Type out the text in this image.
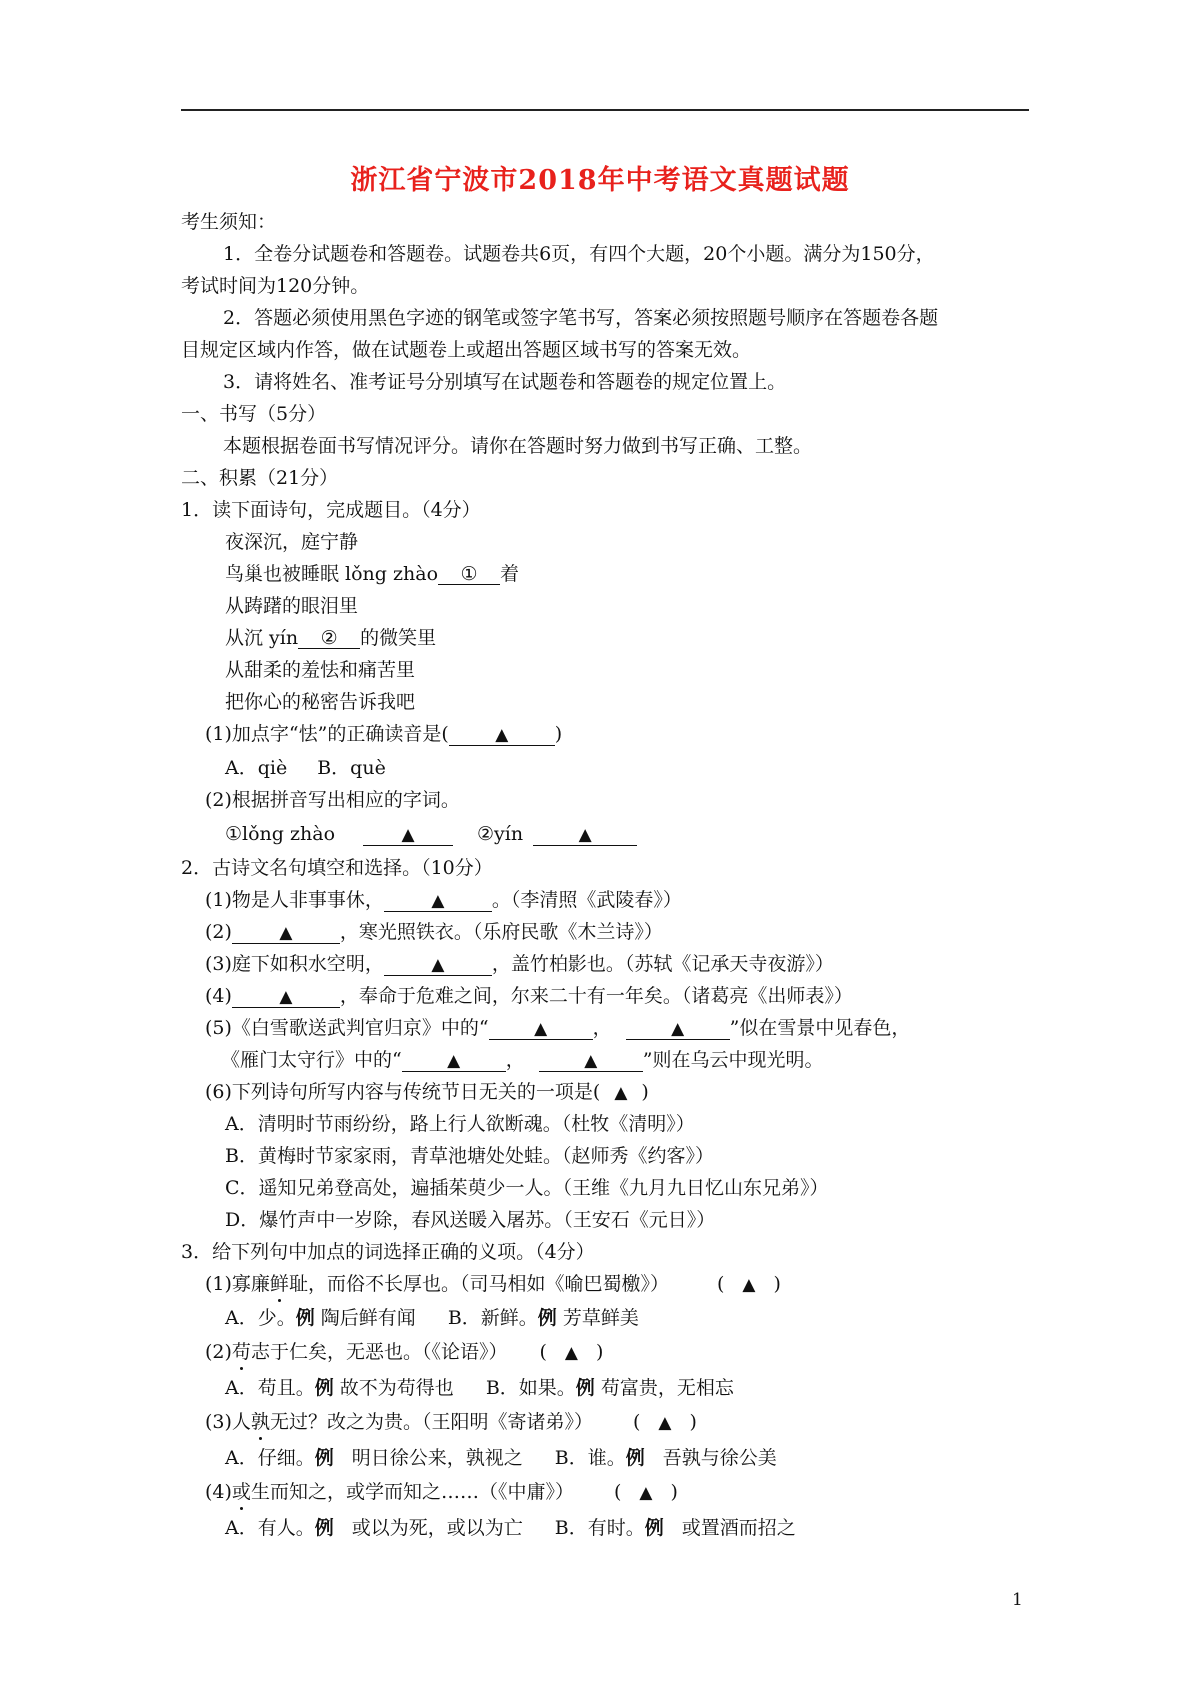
浙江省宁波市2018年中考语文真题试题
考生须知：
1．全卷分试题卷和答题卷。试题卷共6页，有四个大题，20个小题。满分为150分，
考试时间为120分钟。
2．答题必须使用黑色字迹的钢笔或签字笔书写，答案必须按照题号顺序在答题卷各题
目规定区域内作答，做在试题卷上或超出答题区域书写的答案无效。
3．请将姓名、准考证号分别填写在试题卷和答题卷的规定位置上。
一、书写（5分）
本题根据卷面书写情况评分。请你在答题时努力做到书写正确、工整。
二、积累（21分）
1．读下面诗句，完成题目。（4分）
夜深沉，庭宁静
鸟巢也被睡眠 lǒng zhào ① 着
从踌躇的眼泪里
从沉 yín ② 的微笑里
从甜柔的羞怯和痛苦里
把你心的秘密告诉我吧
(1)加点字“怯”的正确读音是(	▲ )
A．qiè B．què
(2)根据拼音写出相应的字词。
①lǒng zhào	▲	②yín	▲
2．古诗文名句填空和选择。（10分）
(1)物是人非事事休，	▲ 。（李清照《武陵春》）
(2)	▲ ，寒光照铁衣。（乐府民歌《木兰诗》）
(3)庭下如积水空明，	▲ ，盖竹柏影也。（苏轼《记承天寺夜游》）
(4)	▲ ，奉命于危难之间，尔来二十有一年矣。（诸葛亮《出师表》）
(5)《白雪歌送武判官归京》中的“	▲ ，	▲ ”似在雪景中见春色，
《雁门太守行》中的“	▲ ，	▲ ”则在乌云中现光明。
(6)下列诗句所写内容与传统节日无关的一项是( ▲ )
A．清明时节雨纷纷，路上行人欲断魂。（杜牧《清明》）
B．黄梅时节家家雨，青草池塘处处蛙。（赵师秀《约客》）
C．遥知兄弟登高处，遍插茱萸少一人。（王维《九月九日忆山东兄弟》）
D．爆竹声中一岁除，春风送暖入屠苏。（王安石《元日》）
3．给下列句中加点的词选择正确的义项。（4分）
(1)寡廉鲜耻，而俗不长厚也。（司马相如《喻巴蜀檄》）	( ▲ )
A．少。例 陶后鲜有闻 B．新鲜。例 芳草鲜美
(2)苟志于仁矣，无恶也。（《论语》） ( ▲ )
A．苟且。例 故不为苟得也 B．如果。例 苟富贵，无相忘
(3)人孰无过？改之为贵。（王阳明《寄诸弟》） ( ▲ )
A．仔细。例 明日徐公来，孰视之 B．谁。例 吾孰与徐公美
(4)或生而知之，或学而知之……（《中庸》） ( ▲ )
A．有人。例 或以为死，或以为亡 B．有时。例 或置酒而招之
1
